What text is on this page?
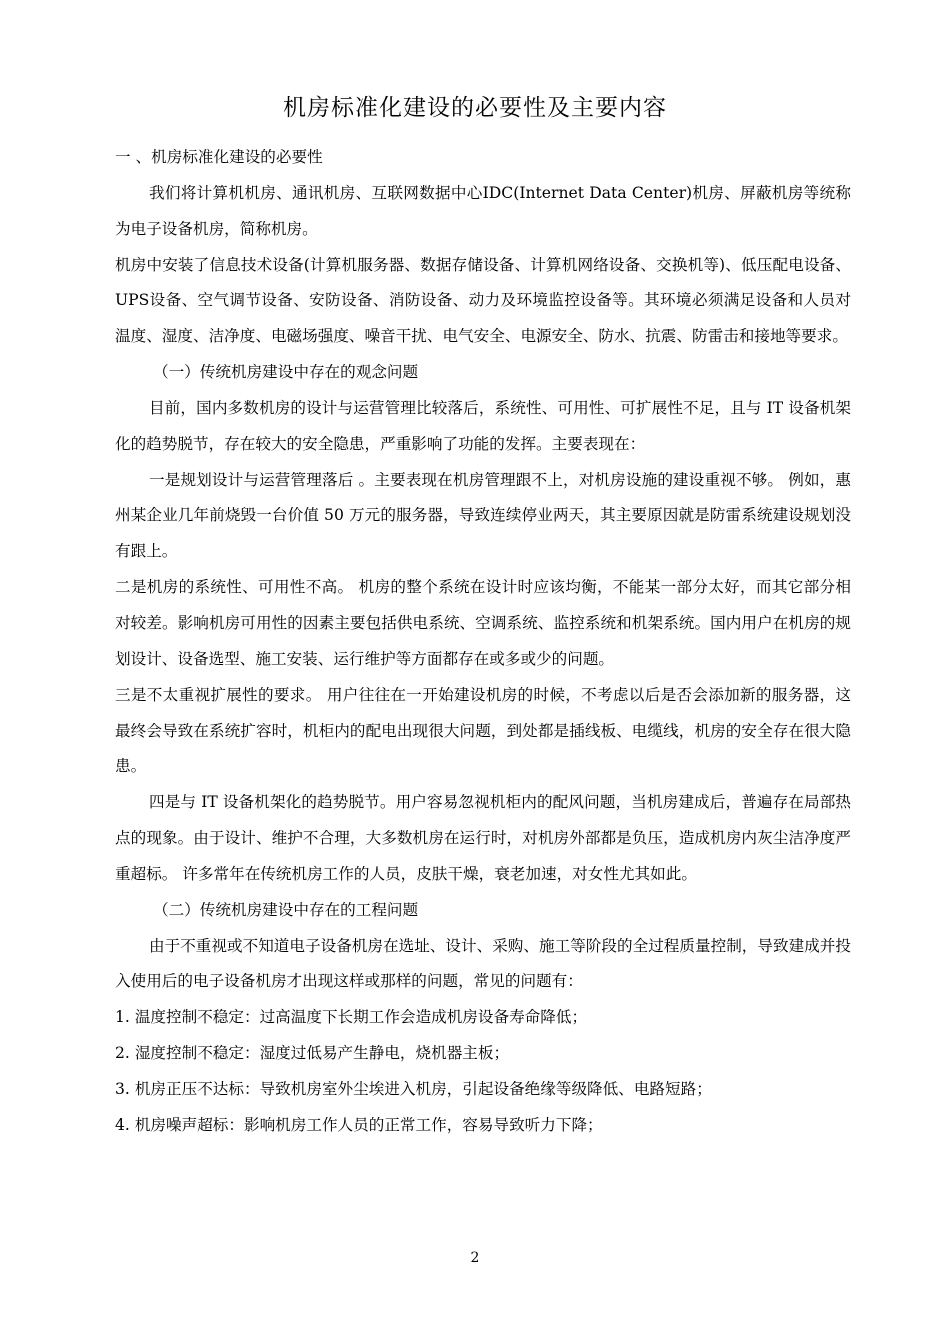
机房标准化建设的必要性及主要内容

一 、机房标准化建设的必要性

我们将计算机机房、通讯机房、互联网数据中心IDC(Internet Data Center)机房、屏蔽机房等统称为电子设备机房，简称机房。

机房中安装了信息技术设备(计算机服务器、数据存储设备、计算机网络设备、交换机等)、低压配电设备、UPS设备、空气调节设备、安防设备、消防设备、动力及环境监控设备等。其环境必须满足设备和人员对温度、湿度、洁净度、电磁场强度、噪音干扰、电气安全、电源安全、防水、抗震、防雷击和接地等要求。

（一）传统机房建设中存在的观念问题

目前，国内多数机房的设计与运营管理比较落后，系统性、可用性、可扩展性不足，且与 IT 设备机架化的趋势脱节，存在较大的安全隐患，严重影响了功能的发挥。主要表现在：

一是规划设计与运营管理落后 。主要表现在机房管理跟不上，对机房设施的建设重视不够。 例如，惠州某企业几年前烧毁一台价值 50 万元的服务器，导致连续停业两天，其主要原因就是防雷系统建设规划没有跟上。

二是机房的系统性、可用性不高。 机房的整个系统在设计时应该均衡，不能某一部分太好，而其它部分相对较差。影响机房可用性的因素主要包括供电系统、空调系统、监控系统和机架系统。国内用户在机房的规划设计、设备选型、施工安装、运行维护等方面都存在或多或少的问题。

三是不太重视扩展性的要求。 用户往往在一开始建设机房的时候，不考虑以后是否会添加新的服务器，这最终会导致在系统扩容时，机柜内的配电出现很大问题，到处都是插线板、电缆线，机房的安全存在很大隐患。

四是与 IT 设备机架化的趋势脱节。用户容易忽视机柜内的配风问题，当机房建成后，普遍存在局部热点的现象。由于设计、维护不合理，大多数机房在运行时，对机房外部都是负压，造成机房内灰尘洁净度严重超标。 许多常年在传统机房工作的人员，皮肤干燥，衰老加速，对女性尤其如此。

（二）传统机房建设中存在的工程问题

由于不重视或不知道电子设备机房在选址、设计、采购、施工等阶段的全过程质量控制，导致建成并投入使用后的电子设备机房才出现这样或那样的问题，常见的问题有：

1. 温度控制不稳定：过高温度下长期工作会造成机房设备寿命降低；

2. 湿度控制不稳定：湿度过低易产生静电，烧机器主板；

3. 机房正压不达标：导致机房室外尘埃进入机房，引起设备绝缘等级降低、电路短路；

4. 机房噪声超标：影响机房工作人员的正常工作，容易导致听力下降；

2
